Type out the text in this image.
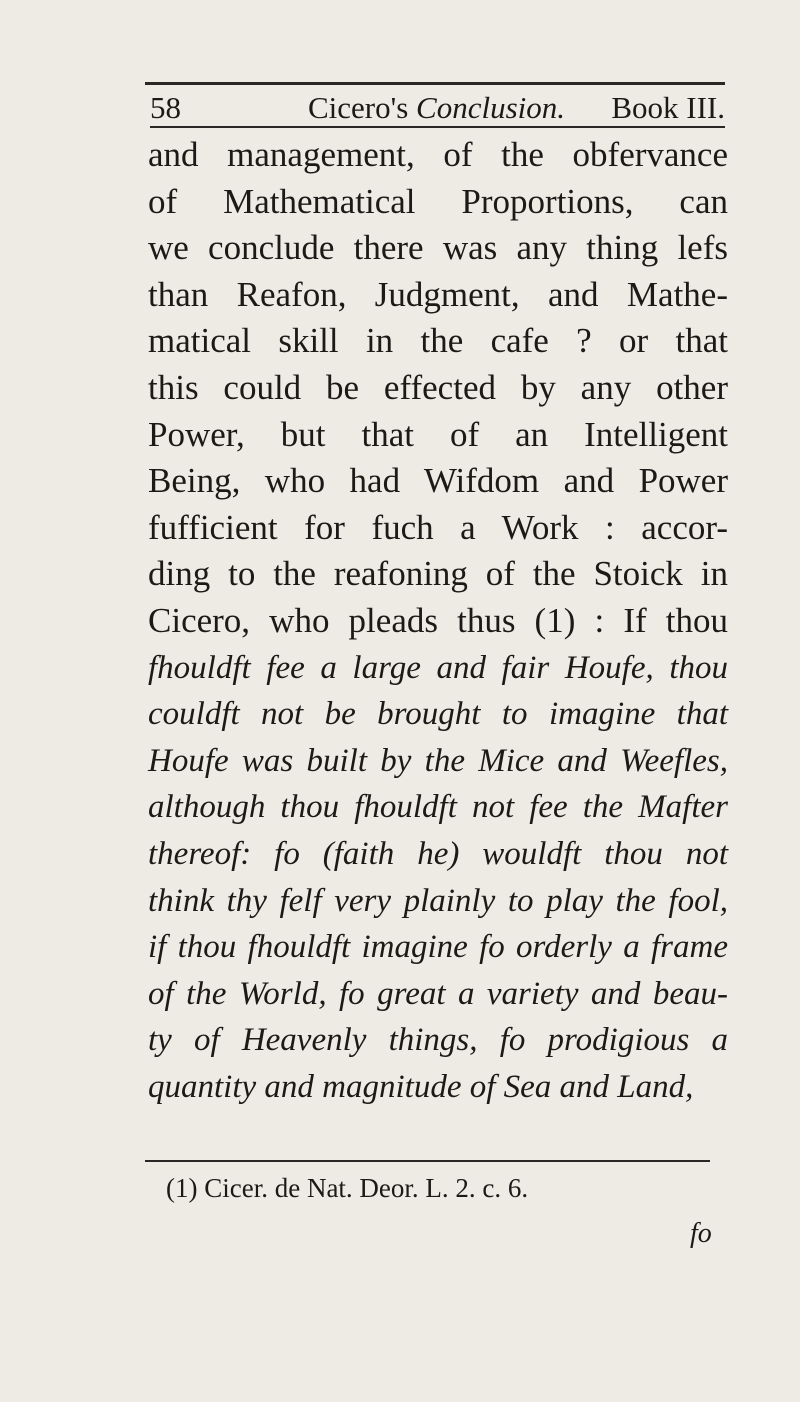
58	Cicero's Conclusion. Book III.
and management, of the obfervance
of Mathematical Proportions, can
we conclude there was any thing lefs
than Reafon, Judgment, and Mathe-
matical skill in the cafe ? or that
this could be effected by any other
Power, but that of an Intelligent
Being, who had Wifdom and Power
fufficient for fuch a Work : accor-
ding to the reafoning of the Stoick in
Cicero, who pleads thus (1) : If thou
fhouldft fee a large and fair Houfe, thou
couldft not be brought to imagine that
Houfe was built by the Mice and Weefles,
although thou fhouldft not fee the Mafter
thereof: fo (faith he) wouldft thou not
think thy felf very plainly to play the fool,
if thou fhouldft imagine fo orderly a frame
of the World, fo great a variety and beau-
ty of Heavenly things, fo prodigious a
quantity and magnitude of Sea and Land,
(1) Cicer. de Nat. Deor. L. 2. c. 6.
fo
